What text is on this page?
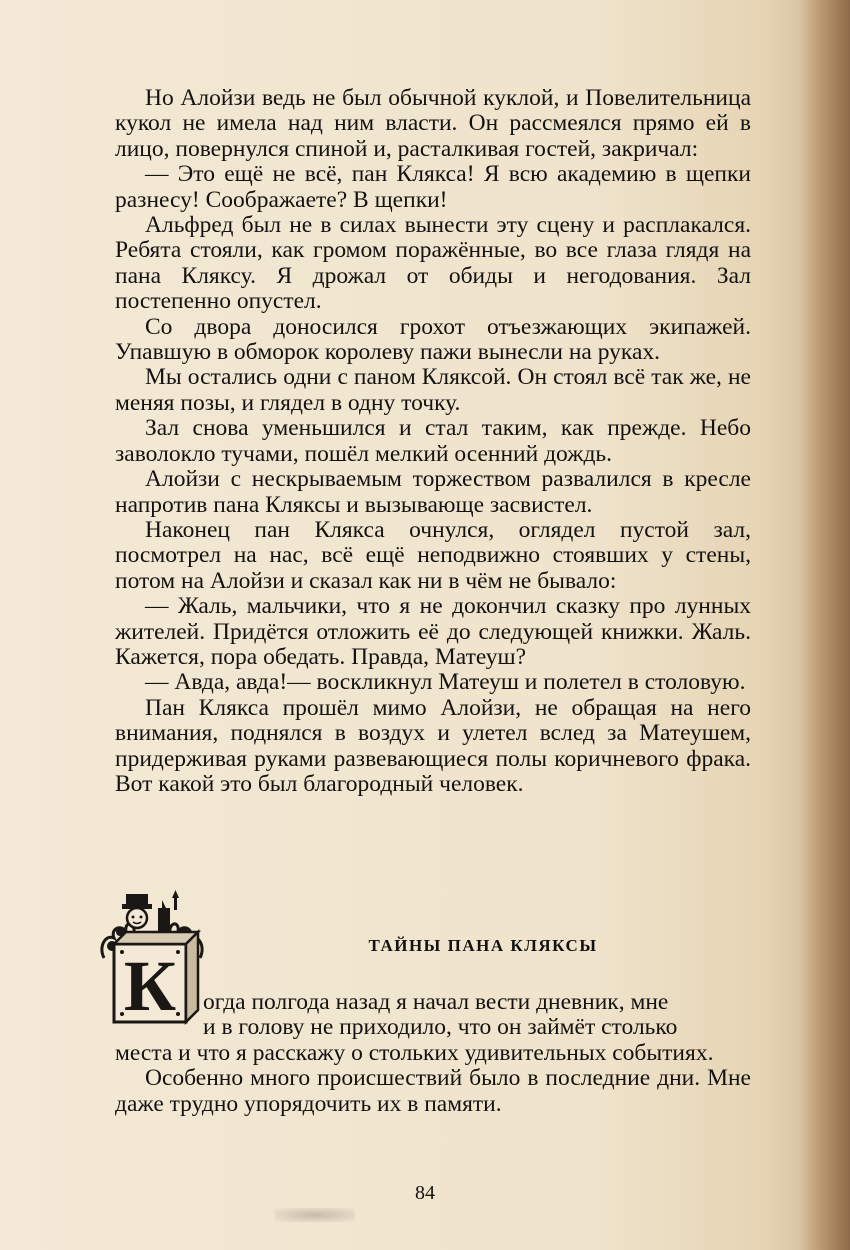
Но Алойзи ведь не был обычной куклой, и Повелительница кукол не имела над ним власти. Он рассмеялся прямо ей в лицо, повернулся спиной и, расталкивая гостей, закричал:

— Это ещё не всё, пан Клякса! Я всю академию в щепки разнесу! Соображаете? В щепки!

Альфред был не в силах вынести эту сцену и расплакался. Ребята стояли, как громом поражённые, во все глаза глядя на пана Кляксу. Я дрожал от обиды и негодования. Зал постепенно опустел.

Со двора доносился грохот отъезжающих экипажей. Упавшую в обморок королеву пажи вынесли на руках.

Мы остались одни с паном Кляксой. Он стоял всё так же, не меняя позы, и глядел в одну точку.

Зал снова уменьшился и стал таким, как прежде. Небо заволокло тучами, пошёл мелкий осенний дождь.

Алойзи с нескрываемым торжеством развалился в кресле напротив пана Кляксы и вызывающе засвистел.

Наконец пан Клякса очнулся, оглядел пустой зал, посмотрел на нас, всё ещё неподвижно стоявших у стены, потом на Алойзи и сказал как ни в чём не бывало:

— Жаль, мальчики, что я не докончил сказку про лунных жителей. Придётся отложить её до следующей книжки. Жаль. Кажется, пора обедать. Правда, Матеуш?

— Авда, авда!— воскликнул Матеуш и полетел в столовую.

Пан Клякса прошёл мимо Алойзи, не обращая на него внимания, поднялся в воздух и улетел вслед за Матеушем, придерживая руками развевающиеся полы коричневого фрака. Вот какой это был благородный человек.

К
ТАЙНЫ ПАНА КЛЯКСЫ

огда полгода назад я начал вести дневник, мне

и в голову не приходило, что он займёт столько

места и что я расскажу о стольких удивительных событиях.

Особенно много происшествий было в последние дни. Мне даже трудно упорядочить их в памяти.

84
